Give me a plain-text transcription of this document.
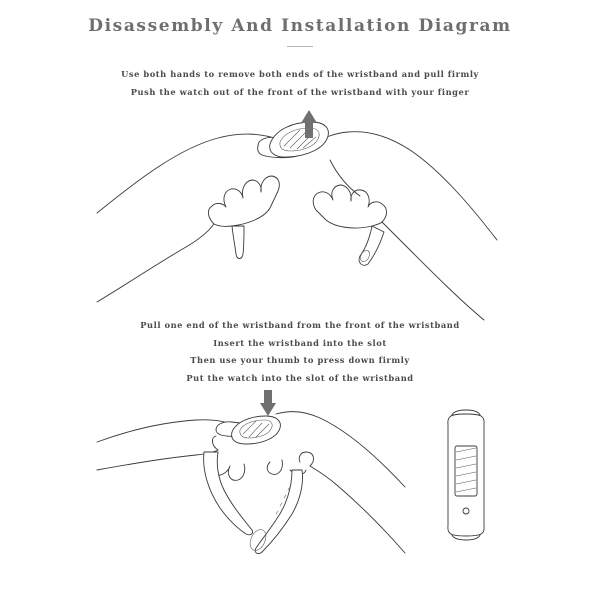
Disassembly And Installation Diagram
Use both hands to remove both ends of the wristband and pull firmly
Push the watch out of the front of the wristband with your finger
Pull one end of the wristband from the front of the wristband
Insert the wristband into the slot
Then use your thumb to press down firmly
Put the watch into the slot of the wristband
